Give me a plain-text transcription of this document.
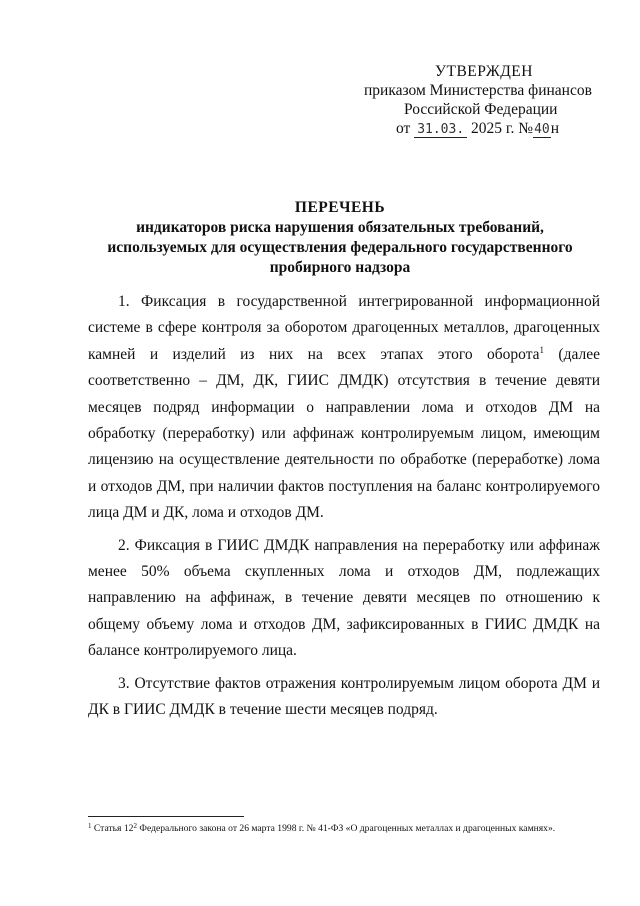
УТВЕРЖДЕН
приказом Министерства финансов
Российской Федерации
от 31.03. 2025 г. №40н
ПЕРЕЧЕНЬ
индикаторов риска нарушения обязательных требований,
используемых для осуществления федерального государственного
пробирного надзора

1. Фиксация в государственной интегрированной информационной системе в сфере контроля за оборотом драгоценных металлов, драгоценных камней и изделий из них на всех этапах этого оборота$^1$ (далее соответственно – ДМ, ДК, ГИИС ДМДК) отсутствия в течение девяти месяцев подряд информации о направлении лома и отходов ДМ на обработку (переработку) или аффинаж контролируемым лицом, имеющим лицензию на осуществление деятельности по обработке (переработке) лома и отходов ДМ, при наличии фактов поступления на баланс контролируемого лица ДМ и ДК, лома и отходов ДМ.

2. Фиксация в ГИИС ДМДК направления на переработку или аффинаж менее 50% объема скупленных лома и отходов ДМ, подлежащих направлению на аффинаж, в течение девяти месяцев по отношению к общему объему лома и отходов ДМ, зафиксированных в ГИИС ДМДК на балансе контролируемого лица.

3. Отсутствие фактов отражения контролируемым лицом оборота ДМ и ДК в ГИИС ДМДК в течение шести месяцев подряд.

$^1$ Статья $12^2$ Федерального закона от 26 марта 1998 г. № 41-ФЗ «О драгоценных металлах и драгоценных камнях».
